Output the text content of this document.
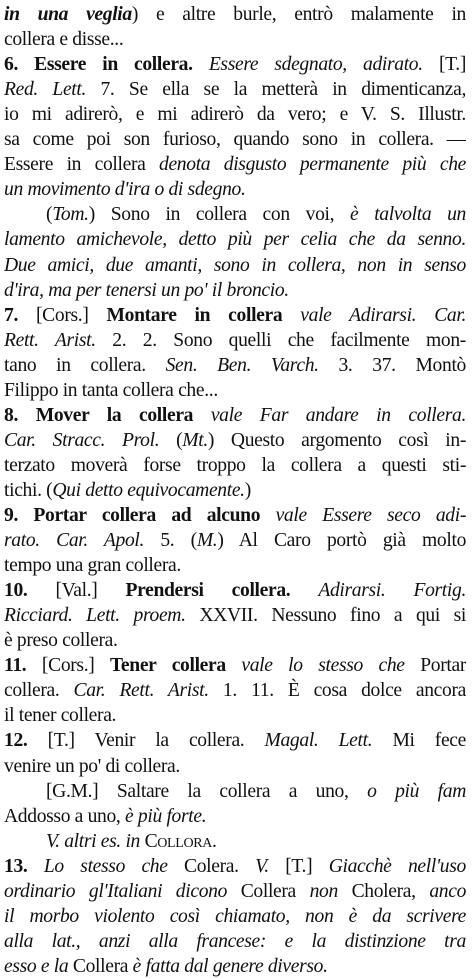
in una veglia) e altre burle, entrò malamente in
collera e disse...
6. Essere in collera. Essere sdegnato, adirato. [T.]
Red. Lett. 7. Se ella se la metterà in dimenticanza,
io mi adirerò, e mi adirerò da vero; e V. S. Illustr.
sa come poi son furioso, quando sono in collera. —
Essere in collera denota disgusto permanente più che
un movimento d'ira o di sdegno.
(Tom.) Sono in collera con voi, è talvolta un
lamento amichevole, detto più per celia che da senno.
Due amici, due amanti, sono in collera, non in senso
d'ira, ma per tenersi un po' il broncio.
7. [Cors.] Montare in collera vale Adirarsi. Car.
Rett. Arist. 2. 2. Sono quelli che facilmente mon-
tano in collera. Sen. Ben. Varch. 3. 37. Montò
Filippo in tanta collera che...
8. Mover la collera vale Far andare in collera.
Car. Stracc. Prol. (Mt.) Questo argomento così in-
terzato moverà forse troppo la collera a questi sti-
tichi. (Qui detto equivocamente.)
9. Portar collera ad alcuno vale Essere seco adi-
rato. Car. Apol. 5. (M.) Al Caro portò già molto
tempo una gran collera.
10. [Val.] Prendersi collera. Adirarsi. Fortig.
Ricciard. Lett. proem. XXVII. Nessuno fino a qui si
è preso collera.
11. [Cors.] Tener collera vale lo stesso che Portar
collera. Car. Rett. Arist. 1. 11. È cosa dolce ancora
il tener collera.
12. [T.] Venir la collera. Magal. Lett. Mi fece
venire un po' di collera.
[G.M.] Saltare la collera a uno, o più fam
Addosso a uno, è più forte.
V. altri es. in Collora.
13. Lo stesso che Colera. V. [T.] Giacchè nell'uso
ordinario gl'Italiani dicono Collera non Cholera, anco
il morbo violento così chiamato, non è da scrivere
alla lat., anzi alla francese: e la distinzione tra
esso e la Collera è fatta dal genere diverso.
